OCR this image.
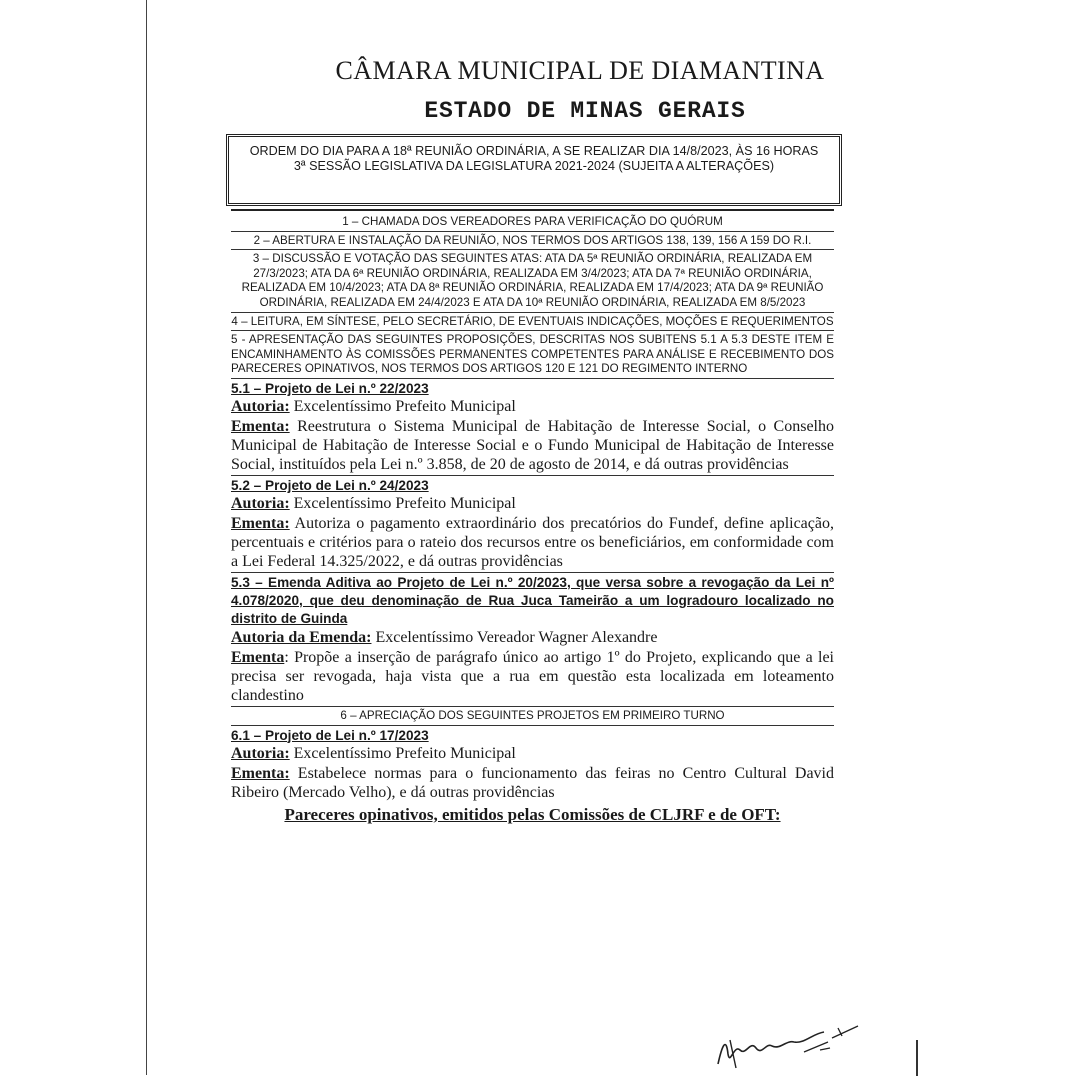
CÂMARA MUNICIPAL DE DIAMANTINA
ESTADO DE MINAS GERAIS
ORDEM DO DIA PARA A 18ª REUNIÃO ORDINÁRIA, A SE REALIZAR DIA 14/8/2023, ÀS 16 HORAS
3ª SESSÃO LEGISLATIVA DA LEGISLATURA 2021-2024 (SUJEITA A ALTERAÇÕES)
1 – CHAMADA DOS VEREADORES PARA VERIFICAÇÃO DO QUÓRUM
2 – ABERTURA E INSTALAÇÃO DA REUNIÃO, NOS TERMOS DOS ARTIGOS 138, 139, 156 A 159 DO R.I.
3 – DISCUSSÃO E VOTAÇÃO DAS SEGUINTES ATAS: ATA DA 5ª REUNIÃO ORDINÁRIA, REALIZADA EM 27/3/2023; ATA DA 6ª REUNIÃO ORDINÁRIA, REALIZADA EM 3/4/2023; ATA DA 7ª REUNIÃO ORDINÁRIA, REALIZADA EM 10/4/2023; ATA DA 8ª REUNIÃO ORDINÁRIA, REALIZADA EM 17/4/2023; ATA DA 9ª REUNIÃO ORDINÁRIA, REALIZADA EM 24/4/2023 E ATA DA 10ª REUNIÃO ORDINÁRIA, REALIZADA EM 8/5/2023
4 – LEITURA, EM SÍNTESE, PELO SECRETÁRIO, DE EVENTUAIS INDICAÇÕES, MOÇÕES E REQUERIMENTOS
5 - APRESENTAÇÃO DAS SEGUINTES PROPOSIÇÕES, DESCRITAS NOS SUBITENS 5.1 A 5.3 DESTE ITEM E ENCAMINHAMENTO ÀS COMISSÕES PERMANENTES COMPETENTES PARA ANÁLISE E RECEBIMENTO DOS PARECERES OPINATIVOS, NOS TERMOS DOS ARTIGOS 120 E 121 DO REGIMENTO INTERNO
5.1 – Projeto de Lei n.º 22/2023
Autoria: Excelentíssimo Prefeito Municipal
Ementa: Reestrutura o Sistema Municipal de Habitação de Interesse Social, o Conselho Municipal de Habitação de Interesse Social e o Fundo Municipal de Habitação de Interesse Social, instituídos pela Lei n.º 3.858, de 20 de agosto de 2014, e dá outras providências
5.2 – Projeto de Lei n.º 24/2023
Autoria: Excelentíssimo Prefeito Municipal
Ementa: Autoriza o pagamento extraordinário dos precatórios do Fundef, define aplicação, percentuais e critérios para o rateio dos recursos entre os beneficiários, em conformidade com a Lei Federal 14.325/2022, e dá outras providências
5.3 – Emenda Aditiva ao Projeto de Lei n.º 20/2023, que versa sobre a revogação da Lei nº 4.078/2020, que deu denominação de Rua Juca Tameirão a um logradouro localizado no distrito de Guinda
Autoria da Emenda: Excelentíssimo Vereador Wagner Alexandre
Ementa: Propõe a inserção de parágrafo único ao artigo 1º do Projeto, explicando que a lei precisa ser revogada, haja vista que a rua em questão esta localizada em loteamento clandestino
6 – APRECIAÇÃO DOS SEGUINTES PROJETOS EM PRIMEIRO TURNO
6.1 – Projeto de Lei n.º 17/2023
Autoria: Excelentíssimo Prefeito Municipal
Ementa: Estabelece normas para o funcionamento das feiras no Centro Cultural David Ribeiro (Mercado Velho), e dá outras providências
Pareceres opinativos, emitidos pelas Comissões de CLJRF e de OFT:
